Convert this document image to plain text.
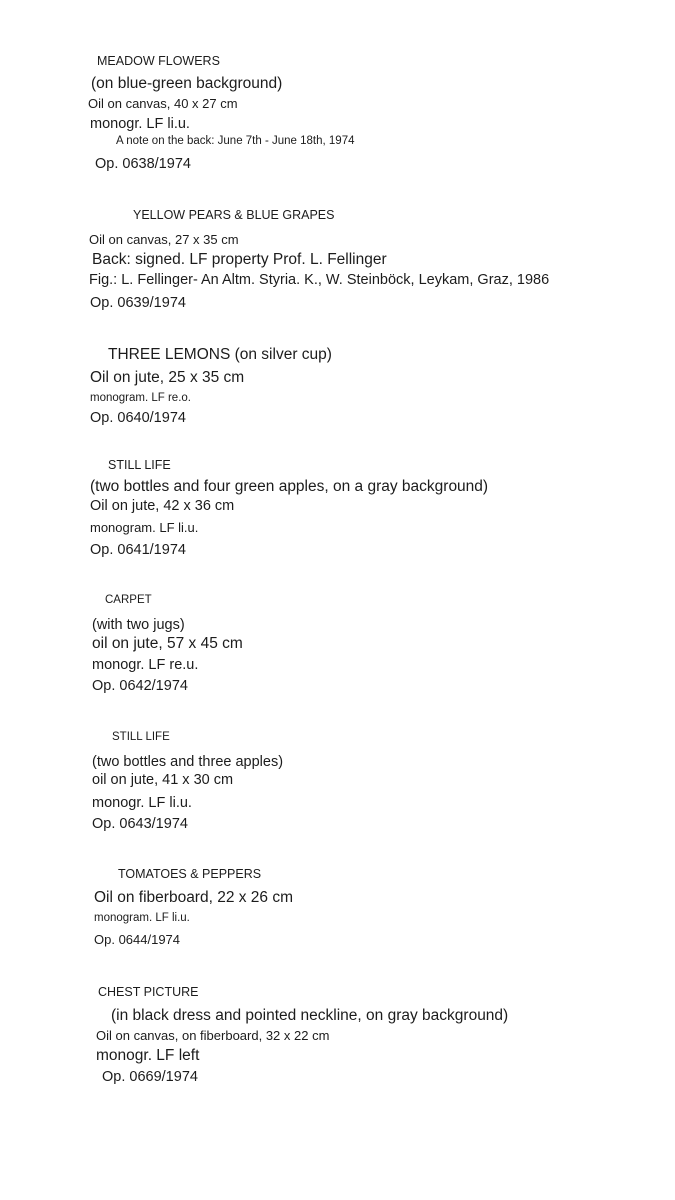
MEADOW FLOWERS
(on blue-green background)
Oil on canvas, 40 x 27 cm
monogr. LF li.u.
A note on the back: June 7th - June 18th, 1974
Op. 0638/1974
YELLOW PEARS & BLUE GRAPES
Oil on canvas, 27 x 35 cm
Back: signed. LF property Prof. L. Fellinger
Fig.: L. Fellinger- An Altm. Styria. K., W. Steinböck, Leykam, Graz, 1986
Op. 0639/1974
THREE LEMONS (on silver cup)
Oil on jute, 25 x 35 cm
monogram. LF re.o.
Op. 0640/1974
STILL LIFE
(two bottles and four green apples, on a gray background)
Oil on jute, 42 x 36 cm
monogram. LF li.u.
Op. 0641/1974
CARPET
(with two jugs)
oil on jute, 57 x 45 cm
monogr. LF re.u.
Op. 0642/1974
STILL LIFE
(two bottles and three apples)
oil on jute, 41 x 30 cm
monogr. LF li.u.
Op. 0643/1974
TOMATOES & PEPPERS
Oil on fiberboard, 22 x 26 cm
monogram. LF li.u.
Op. 0644/1974
CHEST PICTURE
(in black dress and pointed neckline, on gray background)
Oil on canvas, on fiberboard, 32 x 22 cm
monogr. LF left
Op. 0669/1974
